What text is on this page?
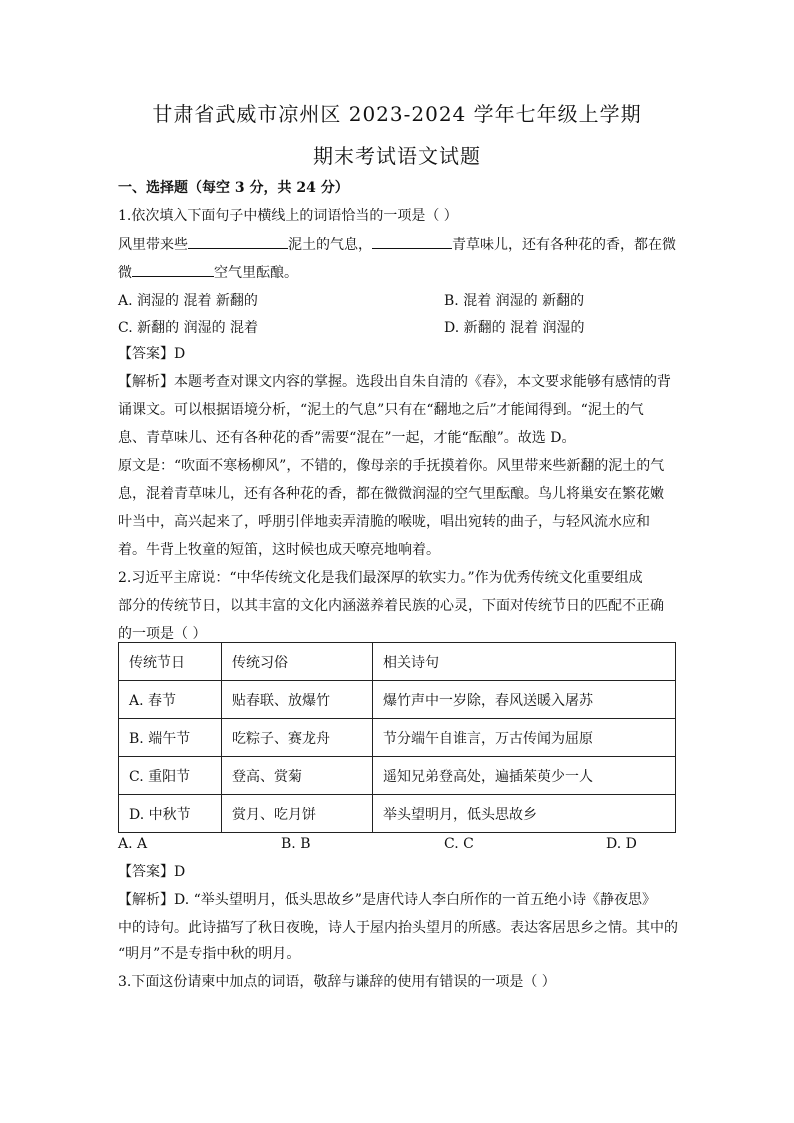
甘肃省武威市凉州区 2023-2024 学年七年级上学期
期末考试语文试题
一、选择题（每空 3 分，共 24 分）
1.依次填入下面句子中横线上的词语恰当的一项是（ ）
风里带来些	泥土的气息，	青草味儿，还有各种花的香，都在微
微	空气里酝酿。
A. 润湿的 混着 新翻的	B. 混着 润湿的 新翻的
C. 新翻的 润湿的 混着	D. 新翻的 混着 润湿的
【答案】D
【解析】本题考查对课文内容的掌握。选段出自朱自清的《春》，本文要求能够有感情的背
诵课文。可以根据语境分析，“泥土的气息”只有在“翻地之后”才能闻得到。“泥土的气
息、青草味儿、还有各种花的香”需要“混在”一起，才能“酝酿”。故选 D。
原文是：“吹面不寒杨柳风”，不错的，像母亲的手抚摸着你。风里带来些新翻的泥土的气
息，混着青草味儿，还有各种花的香，都在微微润湿的空气里酝酿。鸟儿将巢安在繁花嫩
叶当中，高兴起来了，呼朋引伴地卖弄清脆的喉咙，唱出宛转的曲子，与轻风流水应和
着。牛背上牧童的短笛，这时候也成天嘹亮地响着。
2.习近平主席说：“中华传统文化是我们最深厚的软实力。”作为优秀传统文化重要组成
部分的传统节日，以其丰富的文化内涵滋养着民族的心灵，下面对传统节日的匹配不正确
的一项是（ ）
传统节日	传统习俗	相关诗句
A. 春节	贴春联、放爆竹	爆竹声中一岁除，春风送暖入屠苏
B. 端午节	吃粽子、赛龙舟	节分端午自谁言，万古传闻为屈原
C. 重阳节	登高、赏菊	遥知兄弟登高处，遍插茱萸少一人
D. 中秋节	赏月、吃月饼	举头望明月，低头思故乡
A. A	B. B	C. C	D. D
【答案】D
【解析】D. “举头望明月，低头思故乡”是唐代诗人李白所作的一首五绝小诗《静夜思》
中的诗句。此诗描写了秋日夜晚，诗人于屋内抬头望月的所感。表达客居思乡之情。其中的
“明月”不是专指中秋的明月。
3.下面这份请柬中加点的词语，敬辞与谦辞的使用有错误的一项是（ ）
